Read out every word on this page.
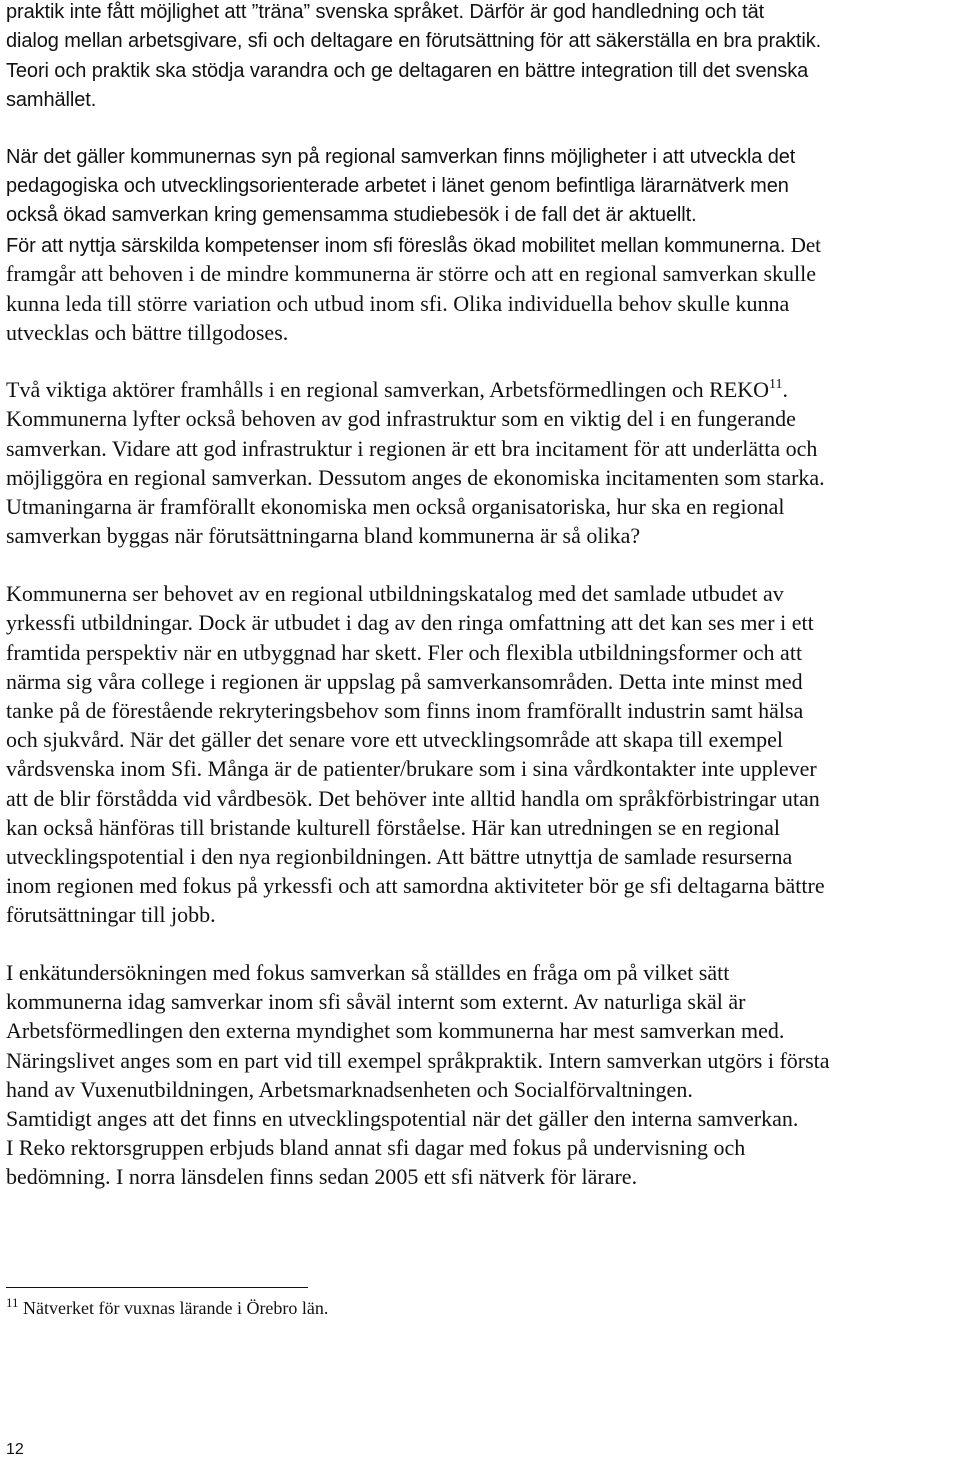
praktik inte fått möjlighet att ”träna” svenska språket. Därför är god handledning och tät
dialog mellan arbetsgivare, sfi och deltagare en förutsättning för att säkerställa en bra praktik.
Teori och praktik ska stödja varandra och ge deltagaren en bättre integration till det svenska
samhället.
När det gäller kommunernas syn på regional samverkan finns möjligheter i att utveckla det
pedagogiska och utvecklingsorienterade arbetet i länet genom befintliga lärarnätverk men
också ökad samverkan kring gemensamma studiebesök i de fall det är aktuellt.
För att nyttja särskilda kompetenser inom sfi föreslås ökad mobilitet mellan kommunerna. Det
framgår att behoven i de mindre kommunerna är större och att en regional samverkan skulle
kunna leda till större variation och utbud inom sfi. Olika individuella behov skulle kunna
utvecklas och bättre tillgodoses.
Två viktiga aktörer framhålls i en regional samverkan, Arbetsförmedlingen och REKO$^{11}$.
Kommunerna lyfter också behoven av god infrastruktur som en viktig del i en fungerande
samverkan. Vidare att god infrastruktur i regionen är ett bra incitament för att underlätta och
möjliggöra en regional samverkan. Dessutom anges de ekonomiska incitamenten som starka.
Utmaningarna är framförallt ekonomiska men också organisatoriska, hur ska en regional
samverkan byggas när förutsättningarna bland kommunerna är så olika?
Kommunerna ser behovet av en regional utbildningskatalog med det samlade utbudet av
yrkessfi utbildningar. Dock är utbudet i dag av den ringa omfattning att det kan ses mer i ett
framtida perspektiv när en utbyggnad har skett. Fler och flexibla utbildningsformer och att
närma sig våra college i regionen är uppslag på samverkansområden. Detta inte minst med
tanke på de förestående rekryteringsbehov som finns inom framförallt industrin samt hälsa
och sjukvård. När det gäller det senare vore ett utvecklingsområde att skapa till exempel
vårdsvenska inom Sfi. Många är de patienter/brukare som i sina vårdkontakter inte upplever
att de blir förstådda vid vårdbesök. Det behöver inte alltid handla om språkförbistringar utan
kan också hänföras till bristande kulturell förståelse. Här kan utredningen se en regional
utvecklingspotential i den nya regionbildningen. Att bättre utnyttja de samlade resurserna
inom regionen med fokus på yrkessfi och att samordna aktiviteter bör ge sfi deltagarna bättre
förutsättningar till jobb.
I enkätundersökningen med fokus samverkan så ställdes en fråga om på vilket sätt
kommunerna idag samverkar inom sfi såväl internt som externt. Av naturliga skäl är
Arbetsförmedlingen den externa myndighet som kommunerna har mest samverkan med.
Näringslivet anges som en part vid till exempel språkpraktik. Intern samverkan utgörs i första
hand av Vuxenutbildningen, Arbetsmarknadsenheten och Socialförvaltningen.
Samtidigt anges att det finns en utvecklingspotential när det gäller den interna samverkan.
I Reko rektorsgruppen erbjuds bland annat sfi dagar med fokus på undervisning och
bedömning. I norra länsdelen finns sedan 2005 ett sfi nätverk för lärare.
$^{11}$ Nätverket för vuxnas lärande i Örebro län.
12
